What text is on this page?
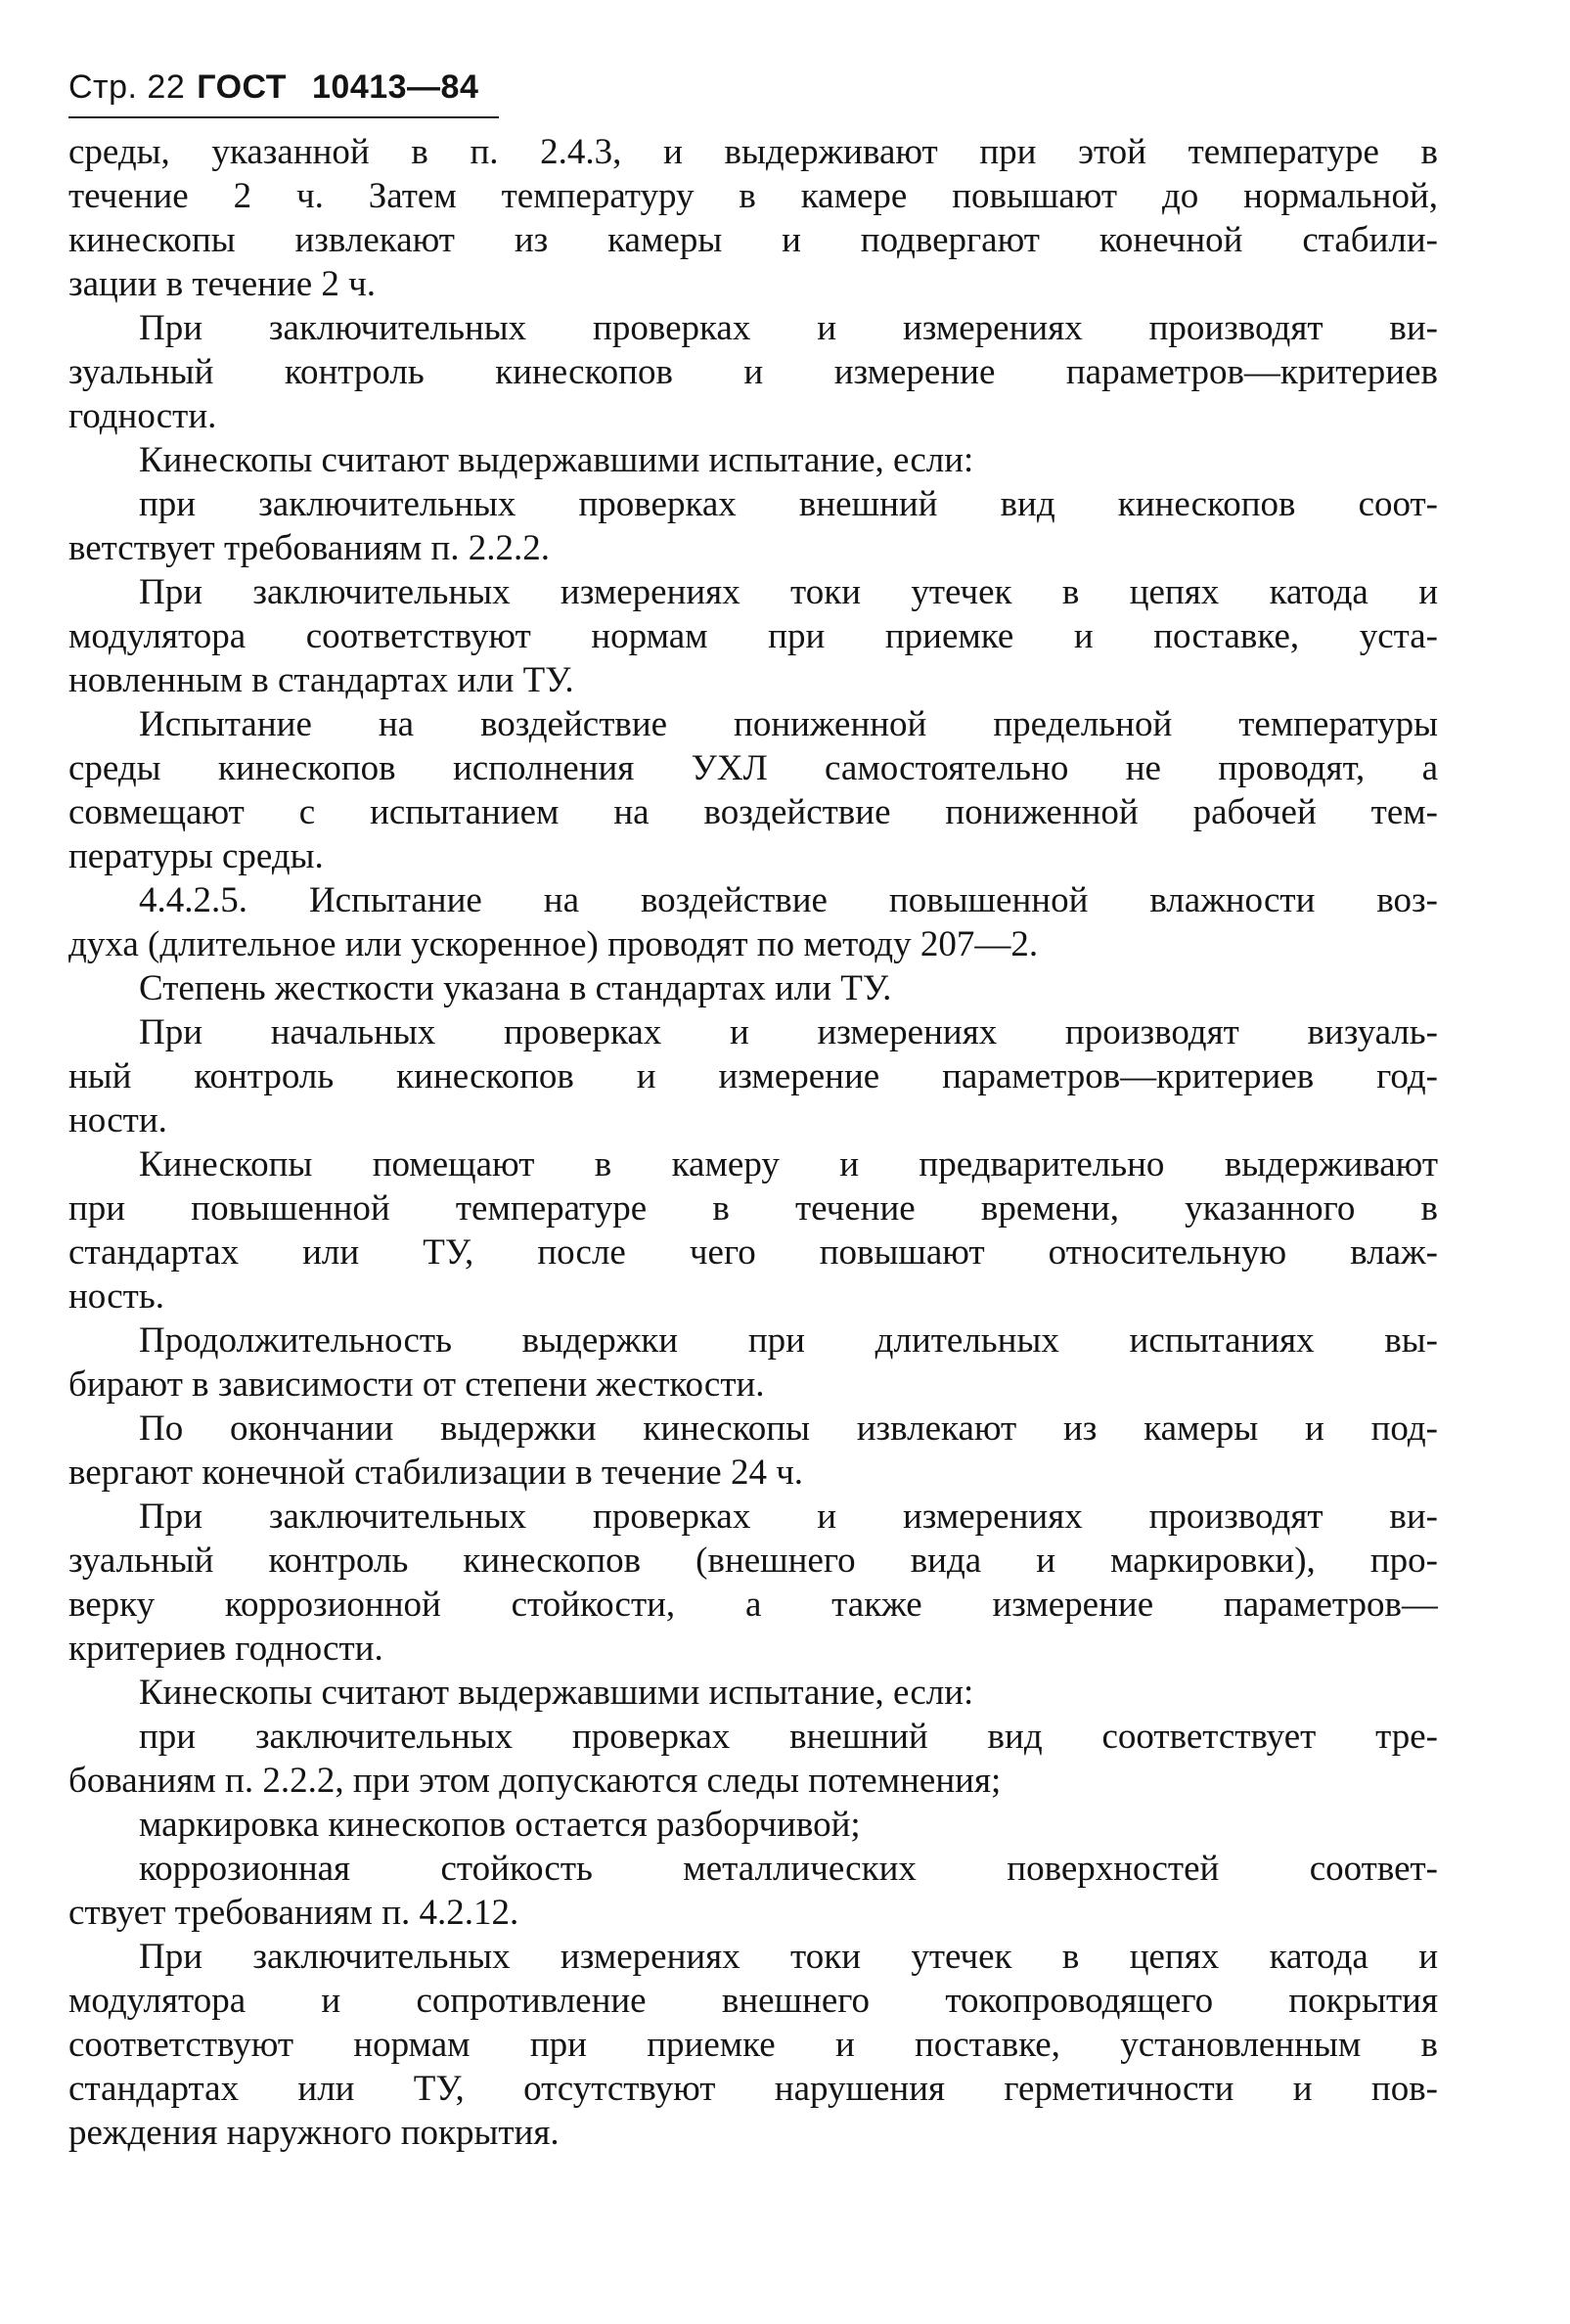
Стр. 22 ГОСТ 10413—84
среды, указанной в п. 2.4.3, и выдерживают при этой температуре в
течение 2 ч. Затем температуру в камере повышают до нормальной,
кинескопы извлекают из камеры и подвергают конечной стабили-
зации в течение 2 ч.
При заключительных проверках и измерениях производят ви-
зуальный контроль кинескопов и измерение параметров—критериев
годности.
Кинескопы считают выдержавшими испытание, если:
при заключительных проверках внешний вид кинескопов соот-
ветствует требованиям п. 2.2.2.
При заключительных измерениях токи утечек в цепях катода и
модулятора соответствуют нормам при приемке и поставке, уста-
новленным в стандартах или ТУ.
Испытание на воздействие пониженной предельной температуры
среды кинескопов исполнения УХЛ самостоятельно не проводят, а
совмещают с испытанием на воздействие пониженной рабочей тем-
пературы среды.
4.4.2.5. Испытание на воздействие повышенной влажности воз-
духа (длительное или ускоренное) проводят по методу 207—2.
Степень жесткости указана в стандартах или ТУ.
При начальных проверках и измерениях производят визуаль-
ный контроль кинескопов и измерение параметров—критериев год-
ности.
Кинескопы помещают в камеру и предварительно выдерживают
при повышенной температуре в течение времени, указанного в
стандартах или ТУ, после чего повышают относительную влаж-
ность.
Продолжительность выдержки при длительных испытаниях вы-
бирают в зависимости от степени жесткости.
По окончании выдержки кинескопы извлекают из камеры и под-
вергают конечной стабилизации в течение 24 ч.
При заключительных проверках и измерениях производят ви-
зуальный контроль кинескопов (внешнего вида и маркировки), про-
верку коррозионной стойкости, а также измерение параметров—
критериев годности.
Кинескопы считают выдержавшими испытание, если:
при заключительных проверках внешний вид соответствует тре-
бованиям п. 2.2.2, при этом допускаются следы потемнения;
маркировка кинескопов остается разборчивой;
коррозионная стойкость металлических поверхностей соответ-
ствует требованиям п. 4.2.12.
При заключительных измерениях токи утечек в цепях катода и
модулятора и сопротивление внешнего токопроводящего покрытия
соответствуют нормам при приемке и поставке, установленным в
стандартах или ТУ, отсутствуют нарушения герметичности и пов-
реждения наружного покрытия.
